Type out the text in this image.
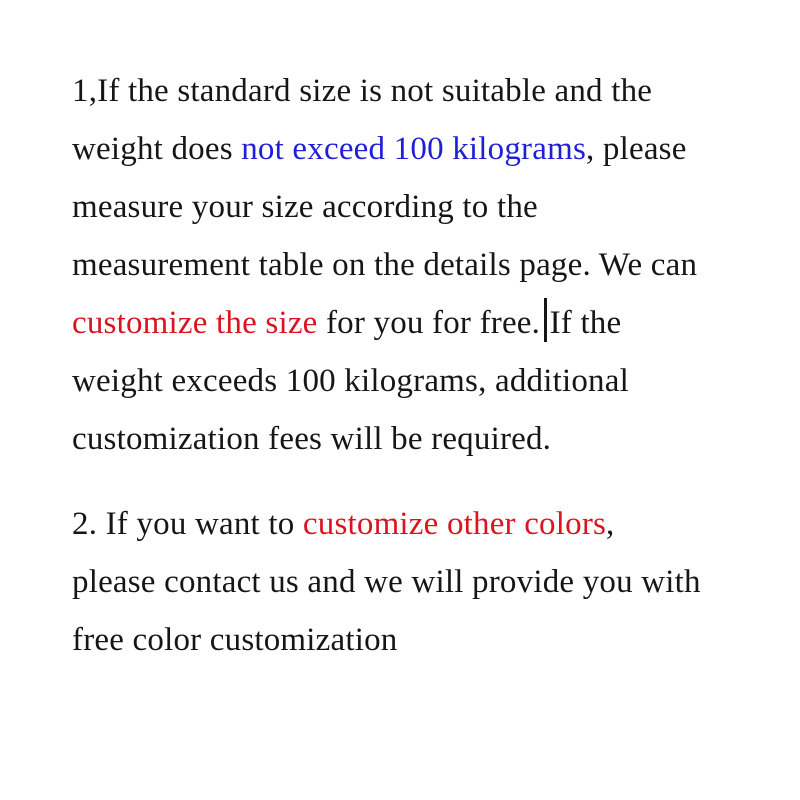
1,If the standard size is not suitable and the
weight does not exceed 100 kilograms, please
measure your size according to the
measurement table on the details page. We can
customize the size for you for free. If the
weight exceeds 100 kilograms, additional
customization fees will be required.

2. If you want to customize other colors,
please contact us and we will provide you with
free color customization
